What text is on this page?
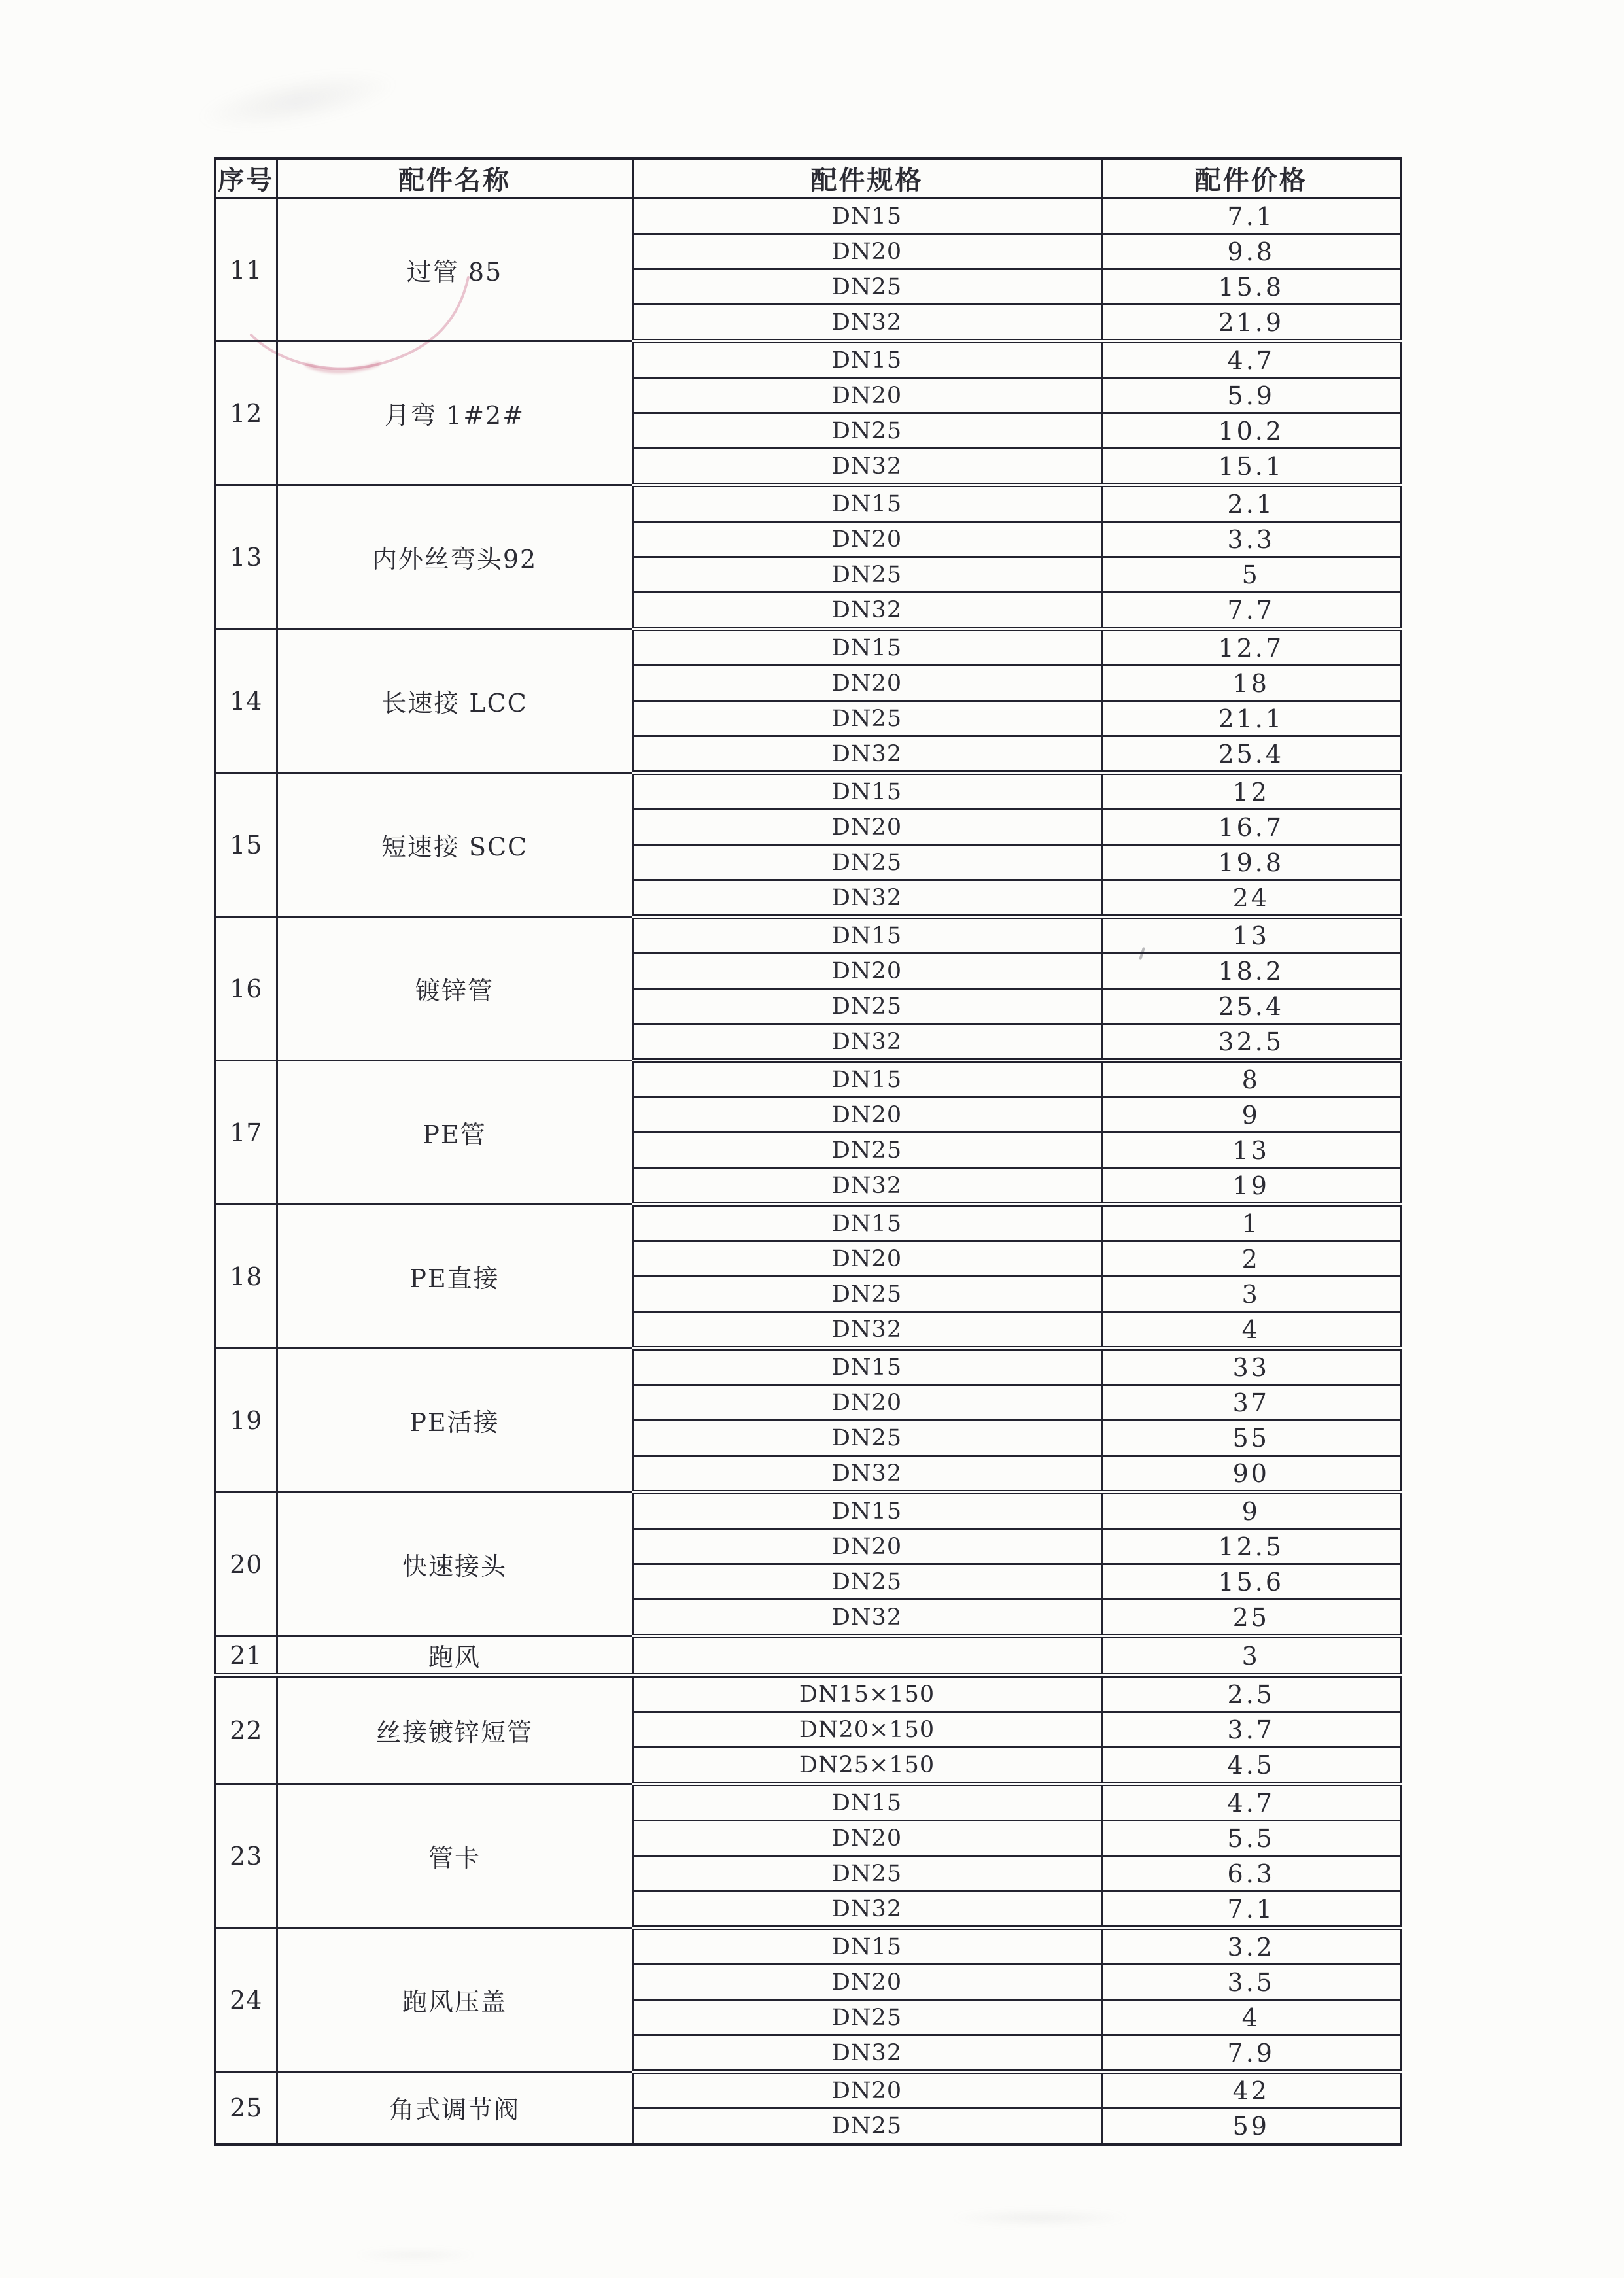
序号	配件名称	配件规格	配件价格
11	过管 85	DN15	7.1
		DN20	9.8
		DN25	15.8
		DN32	21.9
12	月弯 1#2#	DN15	4.7
		DN20	5.9
		DN25	10.2
		DN32	15.1
13	内外丝弯头92	DN15	2.1
		DN20	3.3
		DN25	5
		DN32	7.7
14	长速接 LCC	DN15	12.7
		DN20	18
		DN25	21.1
		DN32	25.4
15	短速接 SCC	DN15	12
		DN20	16.7
		DN25	19.8
		DN32	24
16	镀锌管	DN15	13
		DN20	18.2
		DN25	25.4
		DN32	32.5
17	PE管	DN15	8
		DN20	9
		DN25	13
		DN32	19
18	PE直接	DN15	1
		DN20	2
		DN25	3
		DN32	4
19	PE活接	DN15	33
		DN20	37
		DN25	55
		DN32	90
20	快速接头	DN15	9
		DN20	12.5
		DN25	15.6
		DN32	25
21	跑风		3
22	丝接镀锌短管	DN15×150	2.5
		DN20×150	3.7
		DN25×150	4.5
23	管卡	DN15	4.7
		DN20	5.5
		DN25	6.3
		DN32	7.1
24	跑风压盖	DN15	3.2
		DN20	3.5
		DN25	4
		DN32	7.9
25	角式调节阀	DN20	42
		DN25	59
